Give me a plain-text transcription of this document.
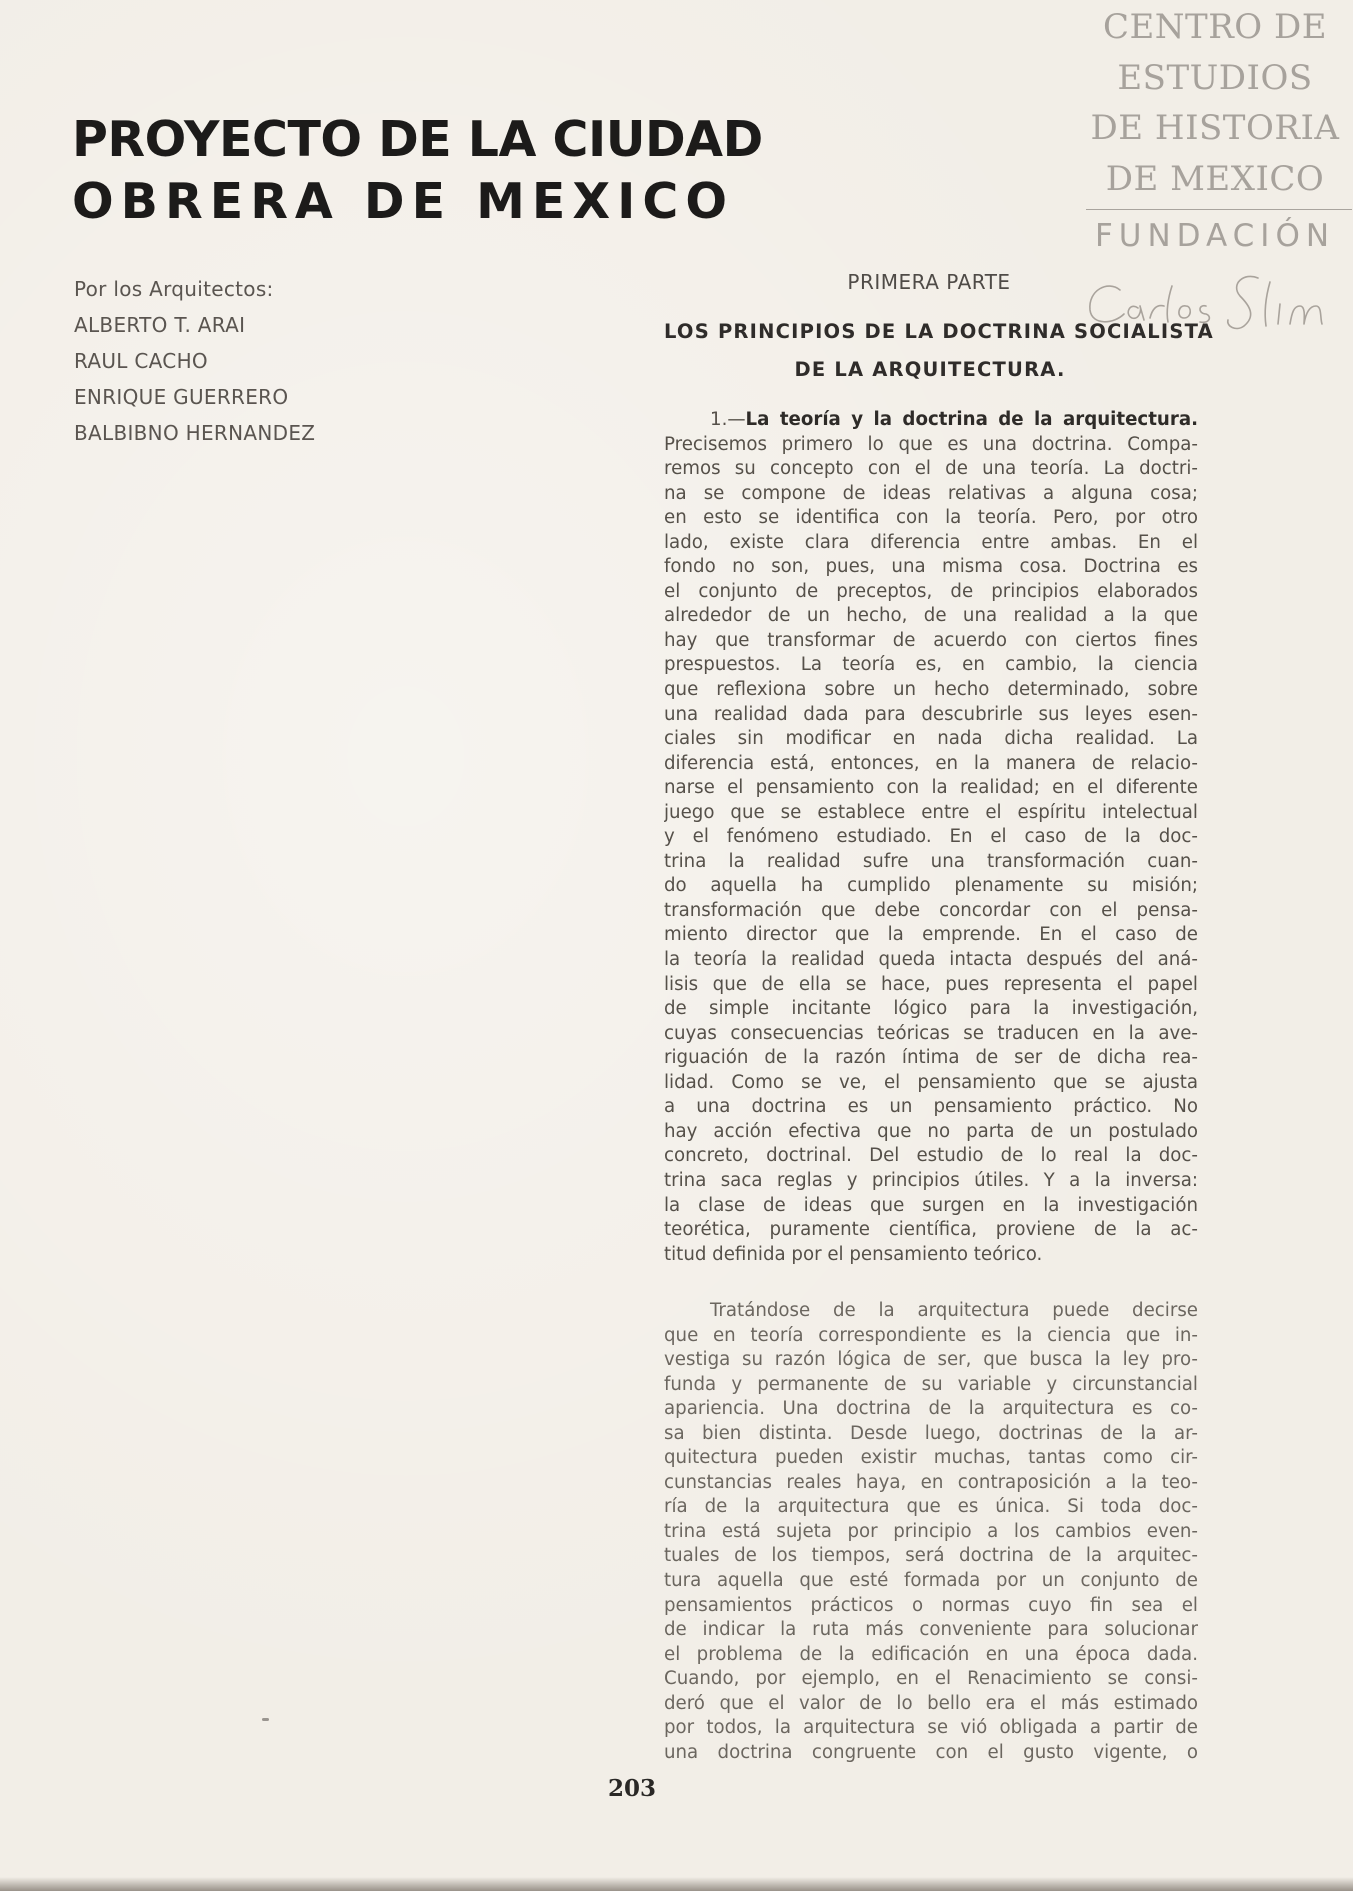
PROYECTO DE LA CIUDAD
OBRERA DE MEXICO
Por los Arquitectos:
ALBERTO T. ARAI
RAUL CACHO
ENRIQUE GUERRERO
BALBIBNO HERNANDEZ
CENTRO DE
ESTUDIOS
DE HISTORIA
DE MEXICO
FUNDACIÓN
PRIMERA PARTE
LOS PRINCIPIOS DE LA DOCTRINA SOCIALISTA
DE LA ARQUITECTURA.
1.—La teoría y la doctrina de la arquitectura.
Precisemos primero lo que es una doctrina. Compa-
remos su concepto con el de una teoría. La doctri-
na se compone de ideas relativas a alguna cosa;
en esto se identifica con la teoría. Pero, por otro
lado, existe clara diferencia entre ambas. En el
fondo no son, pues, una misma cosa. Doctrina es
el conjunto de preceptos, de principios elaborados
alrededor de un hecho, de una realidad a la que
hay que transformar de acuerdo con ciertos fines
prespuestos. La teoría es, en cambio, la ciencia
que reflexiona sobre un hecho determinado, sobre
una realidad dada para descubrirle sus leyes esen-
ciales sin modificar en nada dicha realidad. La
diferencia está, entonces, en la manera de relacio-
narse el pensamiento con la realidad; en el diferente
juego que se establece entre el espíritu intelectual
y el fenómeno estudiado. En el caso de la doc-
trina la realidad sufre una transformación cuan-
do aquella ha cumplido plenamente su misión;
transformación que debe concordar con el pensa-
miento director que la emprende. En el caso de
la teoría la realidad queda intacta después del aná-
lisis que de ella se hace, pues representa el papel
de simple incitante lógico para la investigación,
cuyas consecuencias teóricas se traducen en la ave-
riguación de la razón íntima de ser de dicha rea-
lidad. Como se ve, el pensamiento que se ajusta
a una doctrina es un pensamiento práctico. No
hay acción efectiva que no parta de un postulado
concreto, doctrinal. Del estudio de lo real la doc-
trina saca reglas y principios útiles. Y a la inversa:
la clase de ideas que surgen en la investigación
teorética, puramente científica, proviene de la ac-
titud definida por el pensamiento teórico.
Tratándose de la arquitectura puede decirse
que en teoría correspondiente es la ciencia que in-
vestiga su razón lógica de ser, que busca la ley pro-
funda y permanente de su variable y circunstancial
apariencia. Una doctrina de la arquitectura es co-
sa bien distinta. Desde luego, doctrinas de la ar-
quitectura pueden existir muchas, tantas como cir-
cunstancias reales haya, en contraposición a la teo-
ría de la arquitectura que es única. Si toda doc-
trina está sujeta por principio a los cambios even-
tuales de los tiempos, será doctrina de la arquitec-
tura aquella que esté formada por un conjunto de
pensamientos prácticos o normas cuyo fin sea el
de indicar la ruta más conveniente para solucionar
el problema de la edificación en una época dada.
Cuando, por ejemplo, en el Renacimiento se consi-
deró que el valor de lo bello era el más estimado
por todos, la arquitectura se vió obligada a partir de
una doctrina congruente con el gusto vigente, o
203
